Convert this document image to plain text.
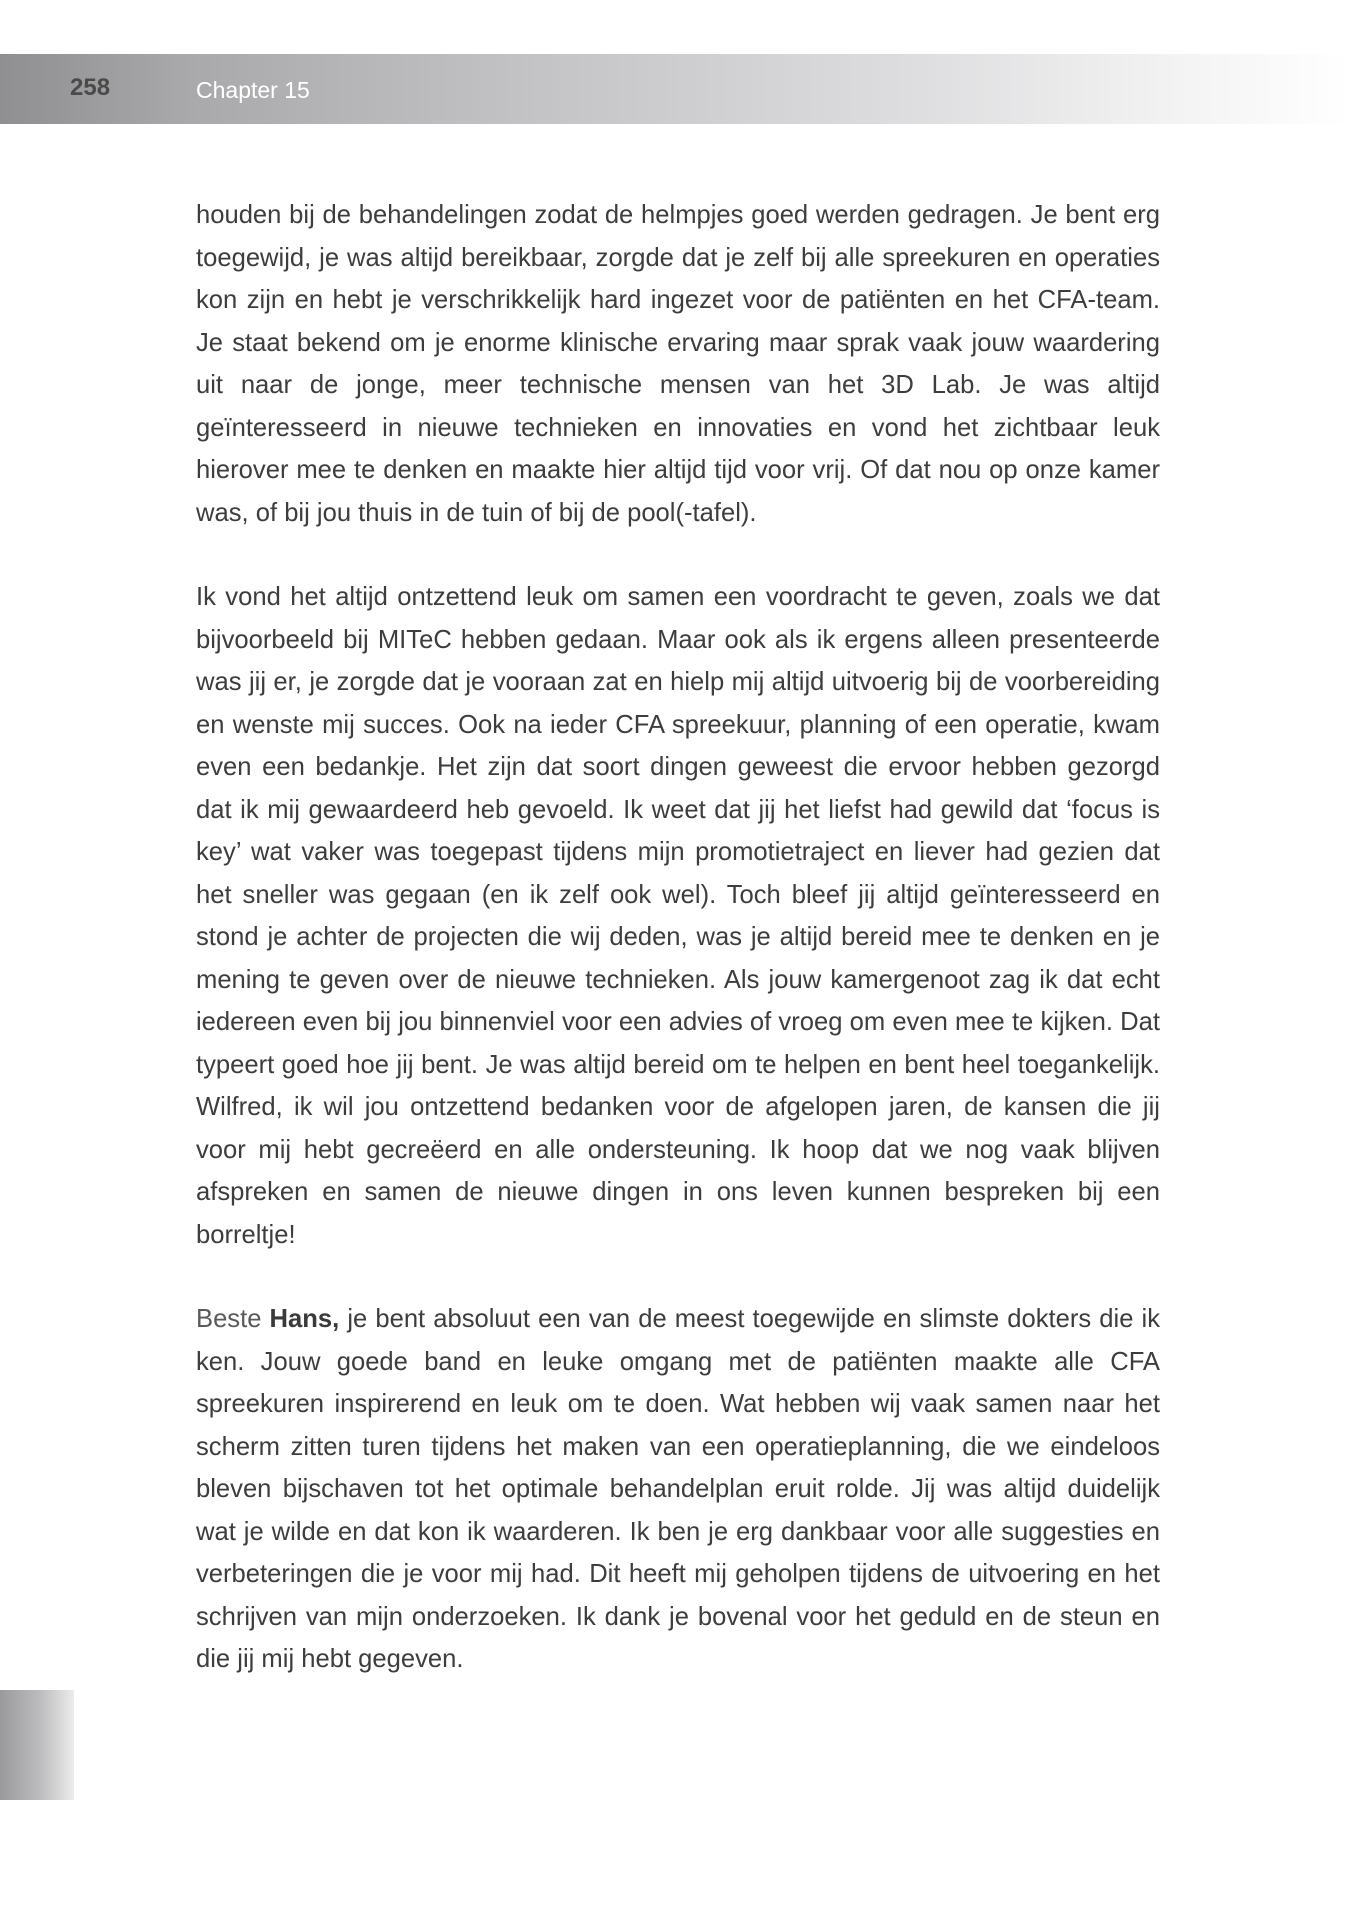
258	Chapter 15

houden bij de behandelingen zodat de helmpjes goed werden gedragen. Je bent erg toegewijd, je was altijd bereikbaar, zorgde dat je zelf bij alle spreekuren en operaties kon zijn en hebt je verschrikkelijk hard ingezet voor de patiënten en het CFA-team. Je staat bekend om je enorme klinische ervaring maar sprak vaak jouw waardering uit naar de jonge, meer technische mensen van het 3D Lab. Je was altijd geïnteresseerd in nieuwe technieken en innovaties en vond het zichtbaar leuk hierover mee te denken en maakte hier altijd tijd voor vrij. Of dat nou op onze kamer was, of bij jou thuis in de tuin of bij de pool(-tafel).

Ik vond het altijd ontzettend leuk om samen een voordracht te geven, zoals we dat bijvoorbeeld bij MITeC hebben gedaan. Maar ook als ik ergens alleen presenteerde was jij er, je zorgde dat je vooraan zat en hielp mij altijd uitvoerig bij de voorbereiding en wenste mij succes. Ook na ieder CFA spreekuur, planning of een operatie, kwam even een bedankje. Het zijn dat soort dingen geweest die ervoor hebben gezorgd dat ik mij gewaardeerd heb gevoeld. Ik weet dat jij het liefst had gewild dat ‘focus is key’ wat vaker was toegepast tijdens mijn promotietraject en liever had gezien dat het sneller was gegaan (en ik zelf ook wel). Toch bleef jij altijd geïnteresseerd en stond je achter de projecten die wij deden, was je altijd bereid mee te denken en je mening te geven over de nieuwe technieken. Als jouw kamergenoot zag ik dat echt iedereen even bij jou binnenviel voor een advies of vroeg om even mee te kijken. Dat typeert goed hoe jij bent. Je was altijd bereid om te helpen en bent heel toegankelijk. Wilfred, ik wil jou ontzettend bedanken voor de afgelopen jaren, de kansen die jij voor mij hebt gecreëerd en alle ondersteuning. Ik hoop dat we nog vaak blijven afspreken en samen de nieuwe dingen in ons leven kunnen bespreken bij een borreltje!

Beste Hans, je bent absoluut een van de meest toegewijde en slimste dokters die ik ken. Jouw goede band en leuke omgang met de patiënten maakte alle CFA spreekuren inspirerend en leuk om te doen. Wat hebben wij vaak samen naar het scherm zitten turen tijdens het maken van een operatieplanning, die we eindeloos bleven bijschaven tot het optimale behandelplan eruit rolde. Jij was altijd duidelijk wat je wilde en dat kon ik waarderen. Ik ben je erg dankbaar voor alle suggesties en verbeteringen die je voor mij had. Dit heeft mij geholpen tijdens de uitvoering en het schrijven van mijn onderzoeken. Ik dank je bovenal voor het geduld en de steun en die jij mij hebt gegeven.
